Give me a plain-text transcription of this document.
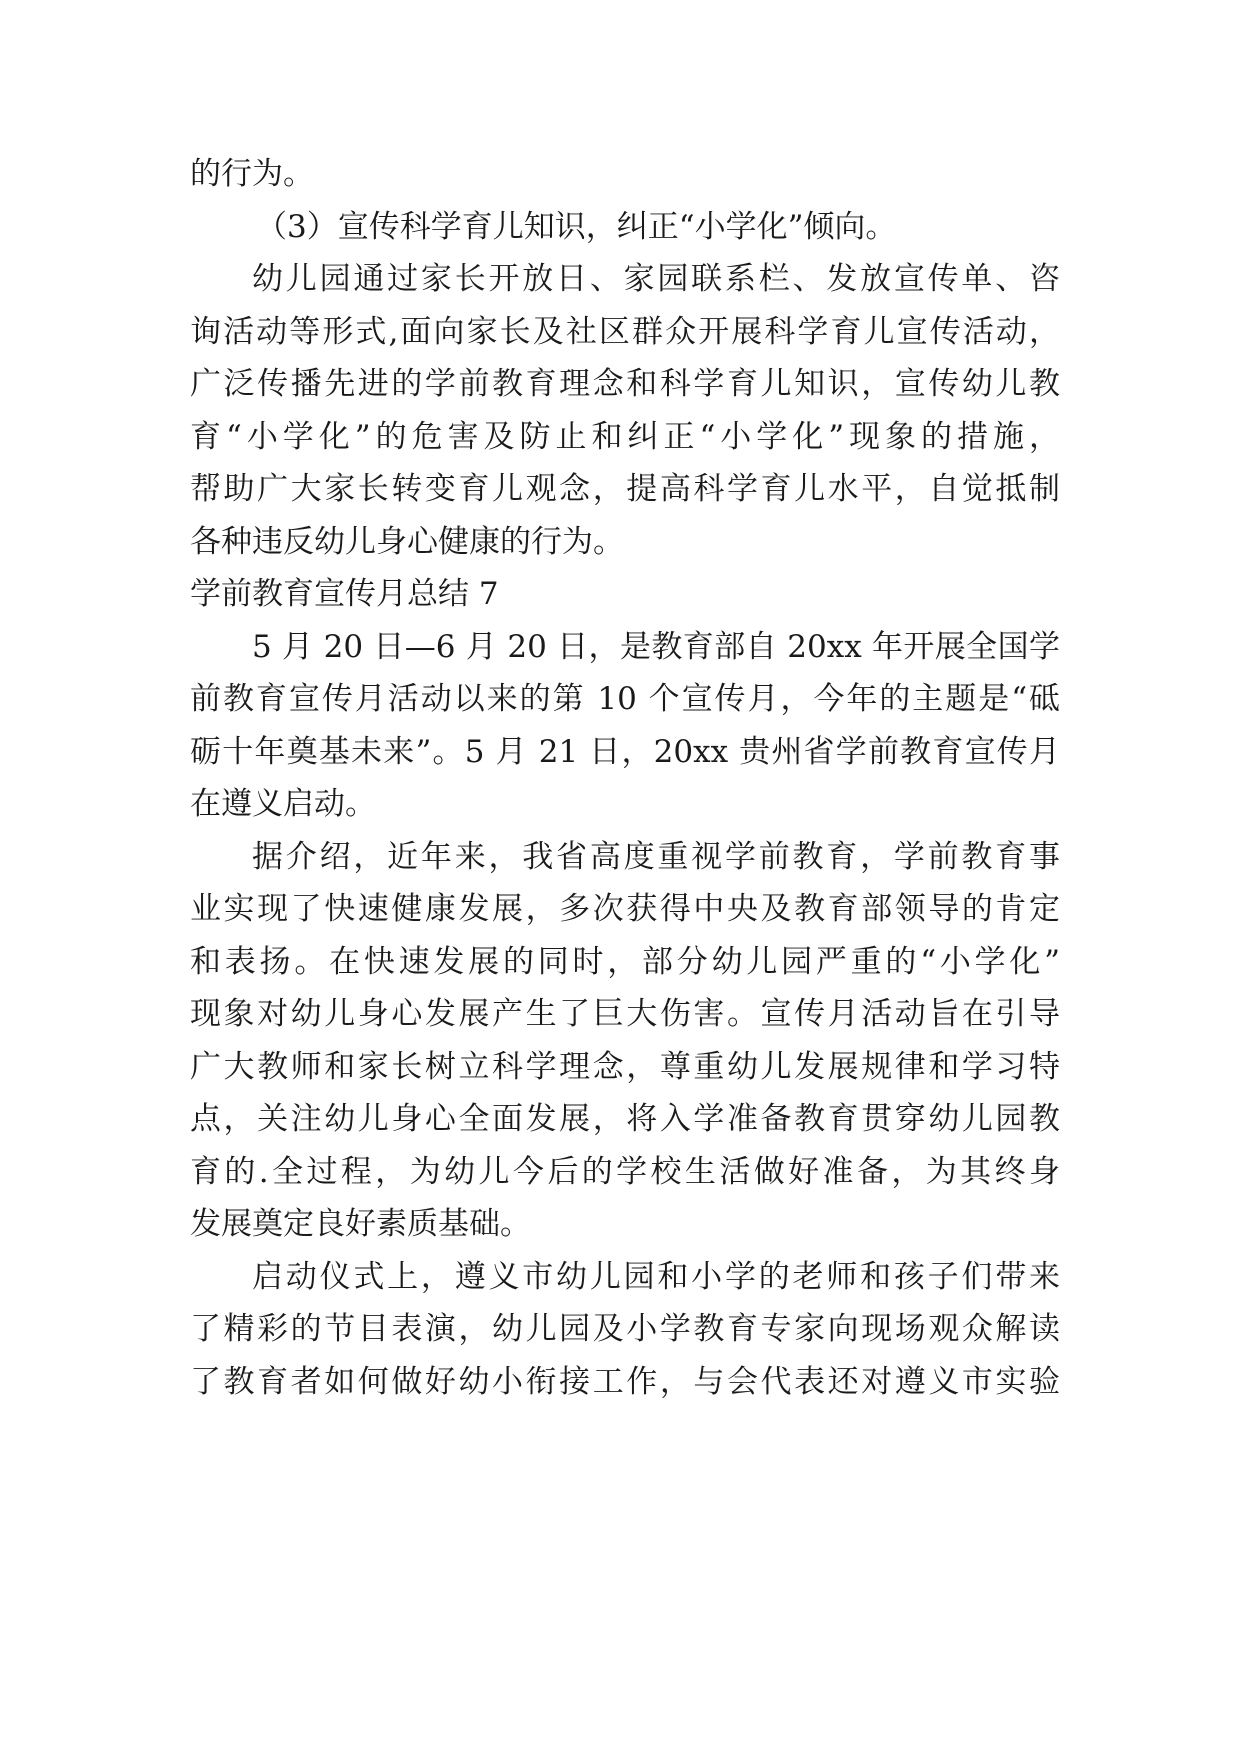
的行为。
（3）宣传科学育儿知识，纠正“小学化”倾向。
幼儿园通过家长开放日、家园联系栏、发放宣传单、咨
询活动等形式,面向家长及社区群众开展科学育儿宣传活动，
广泛传播先进的学前教育理念和科学育儿知识，宣传幼儿教
育“小学化”的危害及防止和纠正“小学化”现象的措施，
帮助广大家长转变育儿观念，提高科学育儿水平，自觉抵制
各种违反幼儿身心健康的行为。
学前教育宣传月总结 7
5 月 20 日—6 月 20 日，是教育部自 20xx 年开展全国学
前教育宣传月活动以来的第 10 个宣传月，今年的主题是“砥
砺十年奠基未来”。5 月 21 日，20xx 贵州省学前教育宣传月
在遵义启动。
据介绍，近年来，我省高度重视学前教育，学前教育事
业实现了快速健康发展，多次获得中央及教育部领导的肯定
和表扬。在快速发展的同时，部分幼儿园严重的“小学化”
现象对幼儿身心发展产生了巨大伤害。宣传月活动旨在引导
广大教师和家长树立科学理念，尊重幼儿发展规律和学习特
点，关注幼儿身心全面发展，将入学准备教育贯穿幼儿园教
育的.全过程，为幼儿今后的学校生活做好准备，为其终身
发展奠定良好素质基础。
启动仪式上，遵义市幼儿园和小学的老师和孩子们带来
了精彩的节目表演，幼儿园及小学教育专家向现场观众解读
了教育者如何做好幼小衔接工作，与会代表还对遵义市实验
